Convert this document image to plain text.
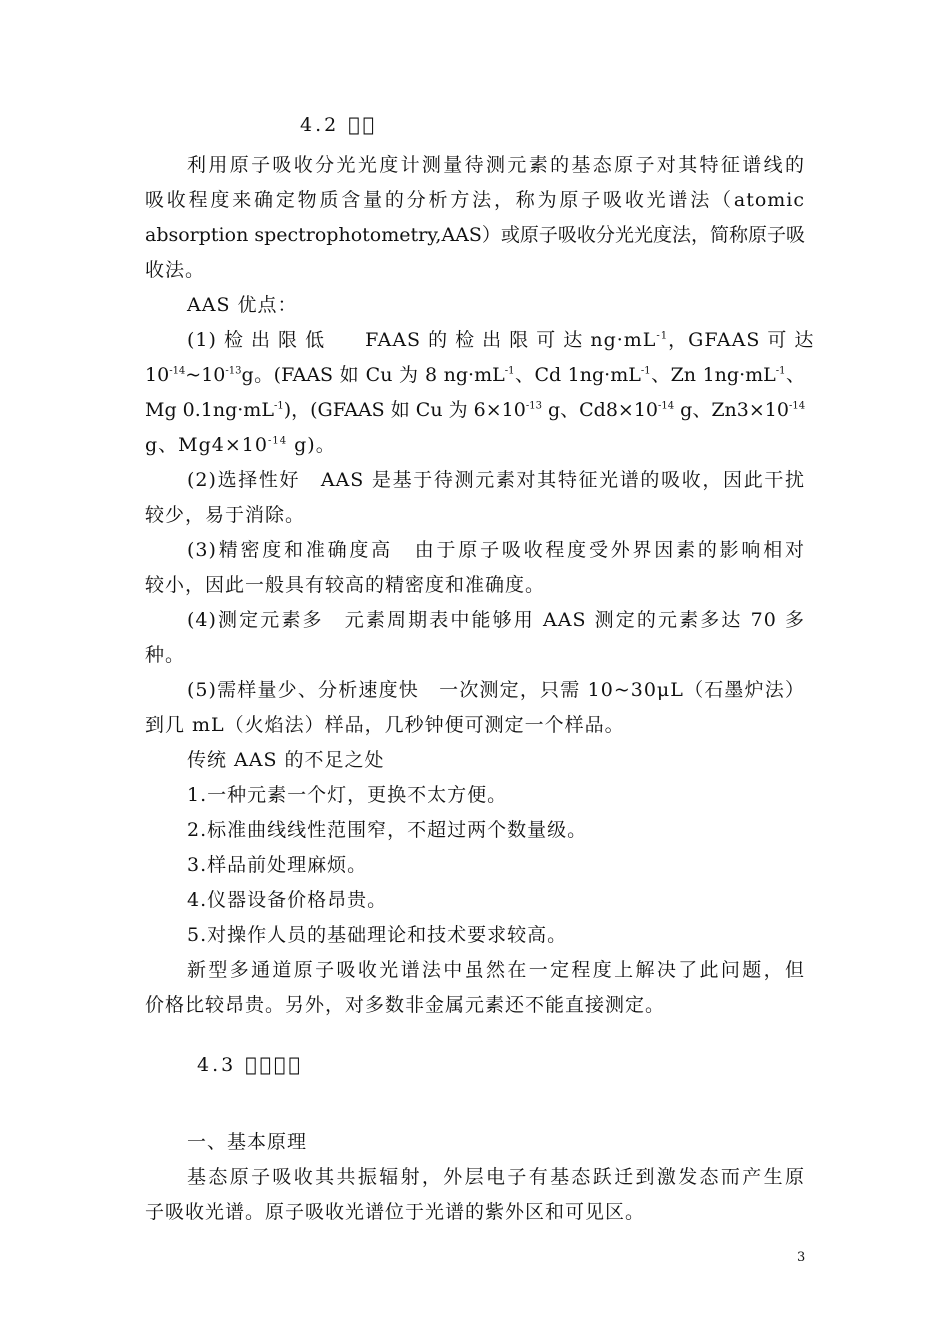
4.2 􀀀􀀀
利用原子吸收分光光度计测量待测元素的基态原子对其特征谱线的
吸收程度来确定物质含量的分析方法，称为原子吸收光谱法（atomic
absorption spectrophotometry,AAS）或原子吸收分光光度法，简称原子吸
收法。
AAS 优点：
(1) 检 出 限 低　　FAAS 的 检 出 限 可 达 $ng\cdot mL^{-1}$，GFAAS 可 达
$10^{-14}\sim 10^{-13}g$。(FAAS 如 Cu 为 8 $ng\cdot mL^{-1}$、Cd $1ng\cdot mL^{-1}$、Zn $1ng\cdot mL^{-1}$、
Mg $0.1ng\cdot mL^{-1}$)，(GFAAS 如 Cu 为 $6\times 10^{-13}$ g、$Cd8\times 10^{-14}$ g、$Zn3\times 10^{-14}$
g、$Mg4\times 10^{-14}$ g)。
(2)选择性好　AAS 是基于待测元素对其特征光谱的吸收，因此干扰
较少，易于消除。
(3)精密度和准确度高　由于原子吸收程度受外界因素的影响相对
较小，因此一般具有较高的精密度和准确度。
(4)测定元素多　元素周期表中能够用 AAS 测定的元素多达 70 多
种。
(5)需样量少、分析速度快　一次测定，只需 10~30μL（石墨炉法）
到几 mL（火焰法）样品，几秒钟便可测定一个样品。
传统 AAS 的不足之处
1.一种元素一个灯，更换不太方便。
2.标准曲线线性范围窄，不超过两个数量级。
3.样品前处理麻烦。
4.仪器设备价格昂贵。
5.对操作人员的基础理论和技术要求较高。
新型多通道原子吸收光谱法中虽然在一定程度上解决了此问题，但
价格比较昂贵。另外，对多数非金属元素还不能直接测定。
4.3 􀀀􀀀􀀀􀀀
一、基本原理
基态原子吸收其共振辐射，外层电子有基态跃迁到激发态而产生原
子吸收光谱。原子吸收光谱位于光谱的紫外区和可见区。
3
